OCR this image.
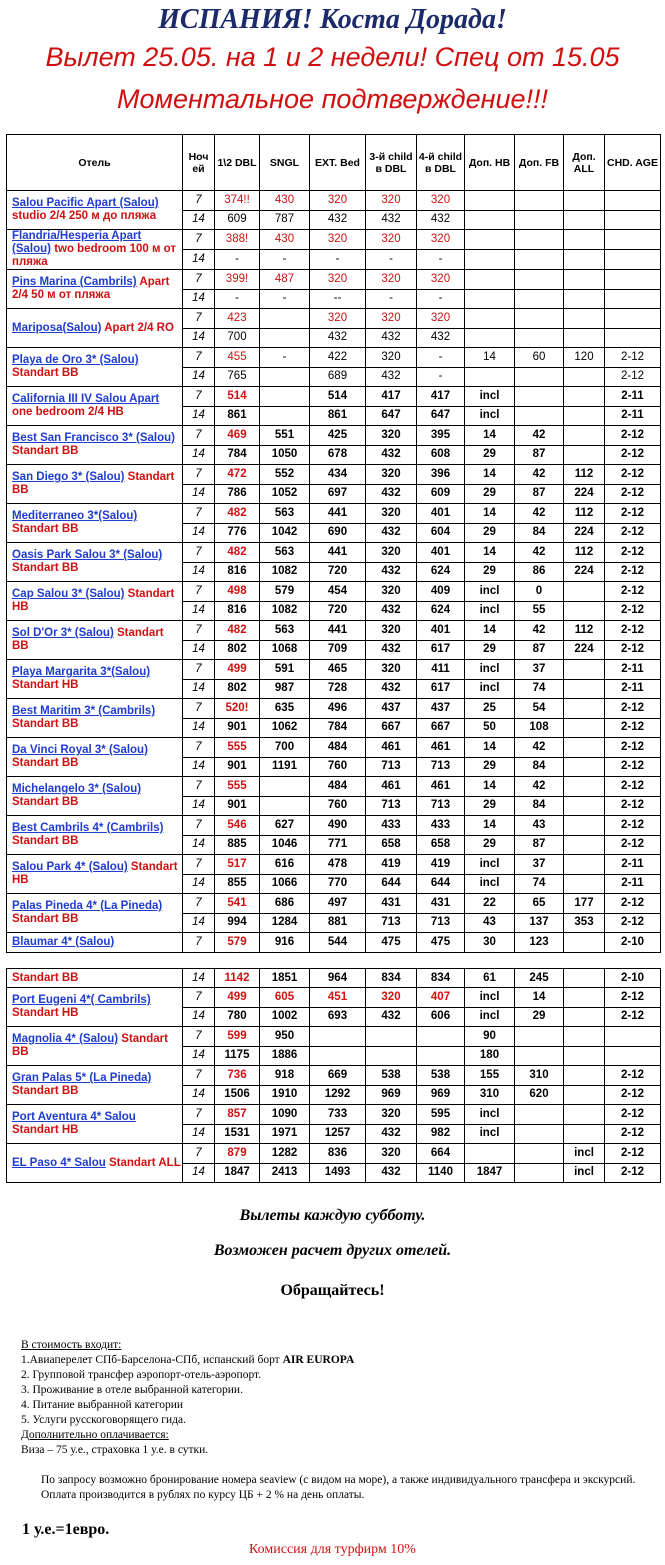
ИСПАНИЯ! Коста Дорада!
Вылет 25.05. на 1 и 2 недели! Спец от 15.05
Моментальное подтверждение!!!
Отель	Ноч ей	1\2 DBL	SNGL	EXT. Bed	3-й child в DBL	4-й child в DBL	Доп. HB	Доп. FB	Доп. ALL	CHD. AGE
Salou Pacific Apart (Salou) studio 2/4 250 м до пляжа	7	374!!	430	320	320	320				
	14	609	787	432	432	432				
Flandria/Hesperia Apart (Salou) two bedroom 100 м от пляжа	7	388!	430	320	320	320				
	14	-	-	-	-	-				
Pins Marina (Cambrils) Apart 2/4 50 м от пляжа	7	399!	487	320	320	320				
	14	-	-	--	-	-				
Mariposa(Salou) Apart 2/4 RO	7	423		320	320	320				
	14	700		432	432	432				
Playa de Oro 3* (Salou) Standart BB	7	455	-	422	320	-	14	60	120	2-12
	14	765		689	432	-				2-12
California III IV Salou Apart one bedroom 2/4 HB	7	514		514	417	417	incl			2-11
	14	861		861	647	647	incl			2-11
Best San Francisco 3* (Salou) Standart BB	7	469	551	425	320	395	14	42		2-12
	14	784	1050	678	432	608	29	87		2-12
San Diego 3* (Salou) Standart BB	7	472	552	434	320	396	14	42	112	2-12
	14	786	1052	697	432	609	29	87	224	2-12
Mediterraneo 3*(Salou) Standart BB	7	482	563	441	320	401	14	42	112	2-12
	14	776	1042	690	432	604	29	84	224	2-12
Oasis Park Salou 3* (Salou) Standart BB	7	482	563	441	320	401	14	42	112	2-12
	14	816	1082	720	432	624	29	86	224	2-12
Cap Salou 3* (Salou) Standart HB	7	498	579	454	320	409	incl	0		2-12
	14	816	1082	720	432	624	incl	55		2-12
Sol D'Or 3* (Salou) Standart BB	7	482	563	441	320	401	14	42	112	2-12
	14	802	1068	709	432	617	29	87	224	2-12
Playa Margarita 3*(Salou) Standart HB	7	499	591	465	320	411	incl	37		2-11
	14	802	987	728	432	617	incl	74		2-11
Best Maritim 3* (Cambrils) Standart BB	7	520!	635	496	437	437	25	54		2-12
	14	901	1062	784	667	667	50	108		2-12
Da Vinci Royal 3* (Salou) Standart BB	7	555	700	484	461	461	14	42		2-12
	14	901	1191	760	713	713	29	84		2-12
Michelangelo 3* (Salou) Standart BB	7	555		484	461	461	14	42		2-12
	14	901		760	713	713	29	84		2-12
Best Cambrils 4* (Cambrils) Standart BB	7	546	627	490	433	433	14	43		2-12
	14	885	1046	771	658	658	29	87		2-12
Salou Park 4* (Salou) Standart HB	7	517	616	478	419	419	incl	37		2-11
	14	855	1066	770	644	644	incl	74		2-11
Palas Pineda 4* (La Pineda) Standart BB	7	541	686	497	431	431	22	65	177	2-12
	14	994	1284	881	713	713	43	137	353	2-12
Blaumar 4* (Salou)	7	579	916	544	475	475	30	123		2-10
Standart BB	14	1142	1851	964	834	834	61	245		2-10
Port Eugeni 4*( Cambrils) Standart HB	7	499	605	451	320	407	incl	14		2-12
	14	780	1002	693	432	606	incl	29		2-12
Magnolia 4* (Salou) Standart BB	7	599	950				90			
	14	1175	1886				180			
Gran Palas 5* (La Pineda) Standart BB	7	736	918	669	538	538	155	310		2-12
	14	1506	1910	1292	969	969	310	620		2-12
Port Aventura 4* Salou Standart HB	7	857	1090	733	320	595	incl			2-12
	14	1531	1971	1257	432	982	incl			2-12
EL Paso 4* Salou Standart ALL	7	879	1282	836	320	664			incl	2-12
	14	1847	2413	1493	432	1140	1847		incl	2-12
Вылеты каждую субботу.
Возможен расчет других отелей.
Обращайтесь!
В стоимость входит:
1.Авиаперелет СПб-Барселона-СПб, испанский борт AIR EUROPA
2. Групповой трансфер аэропорт-отель-аэропорт.
3. Проживание в отеле выбранной категории.
4. Питание выбранной категории
5. Услуги русскоговорящего гида.
Дополнительно оплачивается:
Виза – 75 у.е., страховка 1 у.е. в сутки.
По запросу возможно бронирование номера seaview (с видом на море), а также индивидуального трансфера и экскурсий.
Оплата производится в рублях по курсу ЦБ + 2 % на день оплаты.
1 у.е.=1евро.
Комиссия для турфирм 10%
